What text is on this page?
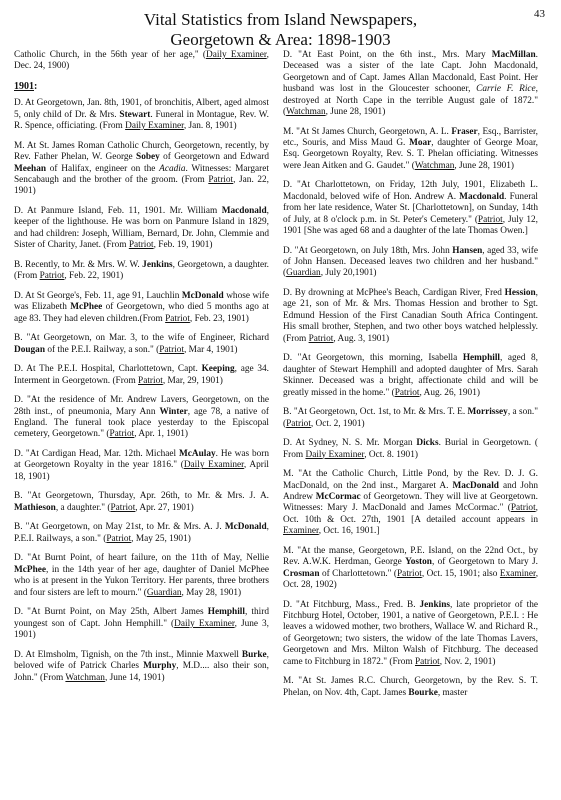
Vital Statistics from Island Newspapers,
Georgetown & Area: 1898-1903
43

Catholic Church, in the 56th year of her age," (Daily Examiner, Dec. 24, 1900)

1901:

D. At Georgetown, Jan. 8th, 1901, of bronchitis, Albert, aged almost 5, only child of Dr. & Mrs. Stewart. Funeral in Montague, Rev. W. R. Spence, officiating. (From Daily Examiner, Jan. 8, 1901)

M. At St. James Roman Catholic Church, Georgetown, recently, by Rev. Father Phelan, W. George Sobey of Georgetown and Edward Meehan of Halifax, engineer on the Acadia. Witnesses: Margaret Sencabaugh and the brother of the groom. (From Patriot, Jan. 22, 1901)

D. At Panmure Island, Feb. 11, 1901. Mr. William Macdonald, keeper of the lighthouse. He was born on Panmure Island in 1829, and had children: Joseph, William, Bernard, Dr. John, Clemmie and Sister of Charity, Janet. (From Patriot, Feb. 19, 1901)

B. Recently, to Mr. & Mrs. W. W. Jenkins, Georgetown, a daughter. (From Patriot, Feb. 22, 1901)

D. At St George's, Feb. 11, age 91, Lauchlin McDonald whose wife was Elizabeth McPhee of Georgetown, who died 5 months ago at age 83. They had eleven children.(From Patriot, Feb. 23, 1901)

B. "At Georgetown, on Mar. 3, to the wife of Engineer, Richard Dougan of the P.E.I. Railway, a son." (Patriot, Mar 4, 1901)

D. At The P.E.I. Hospital, Charlottetown, Capt. Keeping, age 34. Interment in Georgetown. (From Patriot, Mar, 29, 1901)

D. "At the residence of Mr. Andrew Lavers, Georgetown, on the 28th inst., of pneumonia, Mary Ann Winter, age 78, a native of England. The funeral took place yesterday to the Episcopal cemetery, Georgetown." (Patriot, Apr. 1, 1901)

D. "At Cardigan Head, Mar. 12th. Michael McAulay. He was born at Georgetown Royalty in the year 1816." (Daily Examiner, April 18, 1901)

B. "At Georgetown, Thursday, Apr. 26th, to Mr. & Mrs. J. A. Mathieson, a daughter." (Patriot, Apr. 27, 1901)

B. "At Georgetown, on May 21st, to Mr. & Mrs. A. J. McDonald, P.E.I. Railways, a son." (Patriot, May 25, 1901)

D. "At Burnt Point, of heart failure, on the 11th of May, Nellie McPhee, in the 14th year of her age, daughter of Daniel McPhee who is at present in the Yukon Territory. Her parents, three brothers and four sisters are left to mourn." (Guardian, May 28, 1901)

D. "At Burnt Point, on May 25th, Albert James Hemphill, third youngest son of Capt. John Hemphill." (Daily Examiner, June 3, 1901)

D. At Elmsholm, Tignish, on the 7th inst., Minnie Maxwell Burke, beloved wife of Patrick Charles Murphy, M.D.... also their son, John." (From Watchman, June 14, 1901)

D. "At East Point, on the 6th inst., Mrs. Mary MacMillan. Deceased was a sister of the late Capt. John Macdonald, Georgetown and of Capt. James Allan Macdonald, East Point. Her husband was lost in the Gloucester schooner, Carrie F. Rice, destroyed at North Cape in the terrible August gale of 1872." (Watchman, June 28, 1901)

M. "At St James Church, Georgetown, A. L. Fraser, Esq., Barrister, etc., Souris, and Miss Maud G. Moar, daughter of George Moar, Esq. Georgetown Royalty, Rev. S. T. Phelan officiating. Witnesses were Jean Aitken and G. Gaudet." (Watchman, June 28, 1901)

D. "At Charlottetown, on Friday, 12th July, 1901, Elizabeth L. Macdonald, beloved wife of Hon. Andrew A. Macdonald. Funeral from her late residence, Water St. [Charlottetown], on Sunday, 14th of July, at 8 o'clock p.m. in St. Peter's Cemetery." (Patriot, July 12, 1901 [She was aged 68 and a daughter of the late Thomas Owen.]

D. "At Georgetown, on July 18th, Mrs. John Hansen, aged 33, wife of John Hansen. Deceased leaves two children and her husband." (Guardian, July 20,1901)

D. By drowning at McPhee's Beach, Cardigan River, Fred Hession, age 21, son of Mr. & Mrs. Thomas Hession and brother to Sgt. Edmund Hession of the First Canadian South Africa Contingent. His small brother, Stephen, and two other boys watched helplessly. (From Patriot, Aug. 3, 1901)

D. "At Georgetown, this morning, Isabella Hemphill, aged 8, daughter of Stewart Hemphill and adopted daughter of Mrs. Sarah Skinner. Deceased was a bright, affectionate child and will be greatly missed in the home." (Patriot, Aug. 26, 1901)

B. "At Georgetown, Oct. 1st, to Mr. & Mrs. T. E. Morrissey, a son." (Patriot, Oct. 2, 1901)

D. At Sydney, N. S. Mr. Morgan Dicks. Burial in Georgetown. ( From Daily Examiner, Oct. 8. 1901)

M. "At the Catholic Church, Little Pond, by the Rev. D. J. G. MacDonald, on the 2nd inst., Margaret A. MacDonald and John Andrew McCormac of Georgetown. They will live at Georgetown. Witnesses: Mary J. MacDonald and James McCormac." (Patriot, Oct. 10th & Oct. 27th, 1901 [A detailed account appears in Examiner, Oct. 16, 1901.]

M. "At the manse, Georgetown, P.E. Island, on the 22nd Oct., by Rev. A.W.K. Herdman, George Yoston, of Georgetown to Mary J. Crosman of Charlottetown." (Patriot, Oct. 15, 1901; also Examiner, Oct. 28, 1902)

D. "At Fitchburg, Mass., Fred. B. Jenkins, late proprietor of the Fitchburg Hotel, October, 1901, a native of Georgetown, P.E.I. : He leaves a widowed mother, two brothers, Wallace W. and Richard R., of Georgetown; two sisters, the widow of the late Thomas Lavers, Georgetown and Mrs. Milton Walsh of Fitchburg. The deceased came to Fitchburg in 1872." (From Patriot, Nov. 2, 1901)

M. "At St. James R.C. Church, Georgetown, by the Rev. S. T. Phelan, on Nov. 4th, Capt. James Bourke, master
